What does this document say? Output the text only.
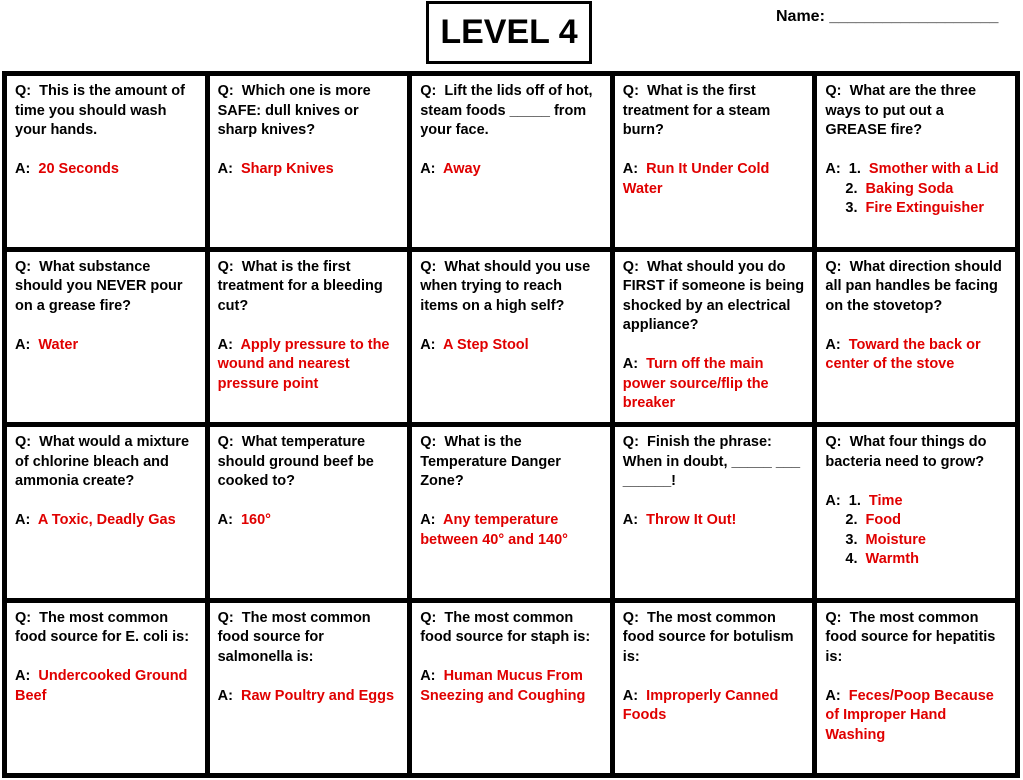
LEVEL 4	Name: ___________________

Q: This is the amount of time you should wash your hands.

A: 20 Seconds

Q: Which one is more SAFE: dull knives or sharp knives?

A: Sharp Knives

Q: Lift the lids off of hot, steam foods _____ from your face.

A: Away

Q: What is the first treatment for a steam burn?

A: Run It Under Cold Water

Q: What are the three ways to put out a GREASE fire?

A: 1. Smother with a Lid

2. Baking Soda

3. Fire Extinguisher

Q: What substance should you NEVER pour on a grease fire?

A: Water

Q: What is the first treatment for a bleeding cut?

A: Apply pressure to the wound and nearest pressure point

Q: What should you use when trying to reach items on a high self?

A: A Step Stool

Q: What should you do FIRST if someone is being shocked by an electrical appliance?

A: Turn off the main power source/flip the breaker

Q: What direction should all pan handles be facing on the stovetop?

A: Toward the back or center of the stove

Q: What would a mixture of chlorine bleach and ammonia create?

A: A Toxic, Deadly Gas

Q: What temperature should ground beef be cooked to?

A: 160°

Q: What is the Temperature Danger Zone?

A: Any temperature between 40° and 140°

Q: Finish the phrase: When in doubt, _____ ___ ______!

A: Throw It Out!

Q: What four things do bacteria need to grow?

A: 1. Time

2. Food

3. Moisture

4. Warmth

Q: The most common food source for E. coli is:

A: Undercooked Ground Beef

Q: The most common food source for salmonella is:

A: Raw Poultry and Eggs

Q: The most common food source for staph is:

A: Human Mucus From Sneezing and Coughing

Q: The most common food source for botulism is:

A: Improperly Canned Foods

Q: The most common food source for hepatitis is:

A: Feces/Poop Because of Improper Hand Washing
